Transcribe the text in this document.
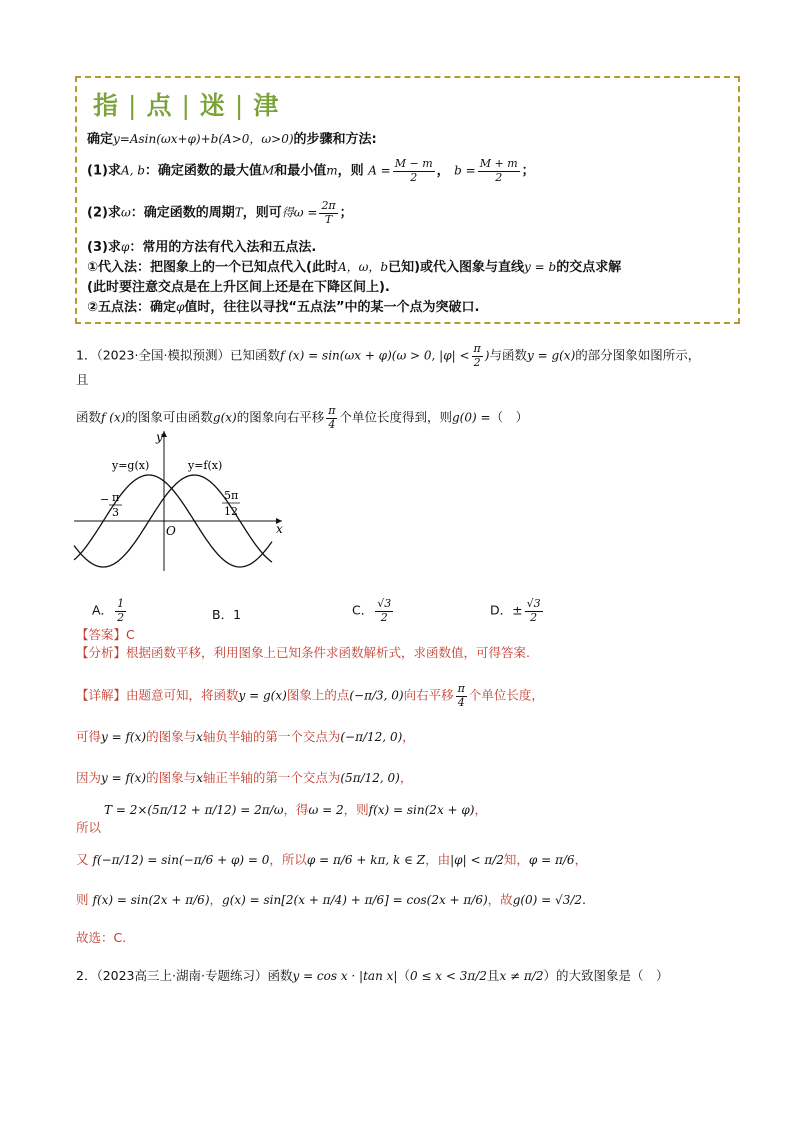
指 | 点 | 迷 | 津
确定y=Asin(ωx+φ)+b(A>0，ω>0)的步骤和方法:
(1)求A, b：确定函数的最大值M和最小值m，则 $A = \frac{M - m}{2}$ ， $b = \frac{M + m}{2}$ ；
(2)求ω：确定函数的周期T，则可得$\omega = \frac{2\pi}{T}$ ；
(3)求φ：常用的方法有代入法和五点法.
①代入法：把图象上的一个已知点代入(此时A，ω，b已知)或代入图象与直线y = b的交点求解
(此时要注意交点是在上升区间上还是在下降区间上).
②五点法：确定φ值时，往往以寻找“五点法”中的某一个点为突破口.
1．（2023·全国·模拟预测）已知函数f (x) = sin(ωx + φ)(ω > 0, $|\varphi| < \frac{\pi}{2}$ )与函数y = g(x)的部分图象如图所示，
且
函数f (x)的图象可由函数g(x)的图象向右平移 $\frac{\pi}{4}$ 个单位长度得到，则g(0) =（　）
y
x
O
y=g(x)	y=f(x)
− π
3
5π
12
A． $\frac{1}{2}$	B．1	C． $\frac{√3}{2}$	D．± $\frac{√3}{2}$
【答案】C
【分析】根据函数平移，利用图象上已知条件求函数解析式，求函数值，可得答案.
【详解】由题意可知，将函数y = g(x)图象上的点(−π/3, 0)向右平移 $\frac{\pi}{4}$ 个单位长度，
可得y = f(x)的图象与x轴负半轴的第一个交点为(−π/12, 0)，
因为y = f(x)的图象与x轴正半轴的第一个交点为(5π/12, 0)，
T = 2×(5π/12 + π/12) = 2π/ω，得ω = 2，则f(x) = sin(2x + φ)，
所以
又 f(−π/12) = sin(−π/6 + φ) = 0，所以φ = π/6 + kπ, k ∈ Z，由|φ| < π/2知，φ = π/6，
则 f(x) = sin(2x + π/6)，g(x) = sin[2(x + π/4) + π/6] = cos(2x + π/6)，故g(0) = √3/2.
故选：C.
2．（2023高三上·湖南·专题练习）函数y = cos x · |tan x|（0 ≤ x < 3π/2且x ≠ π/2）的大致图象是（　）
